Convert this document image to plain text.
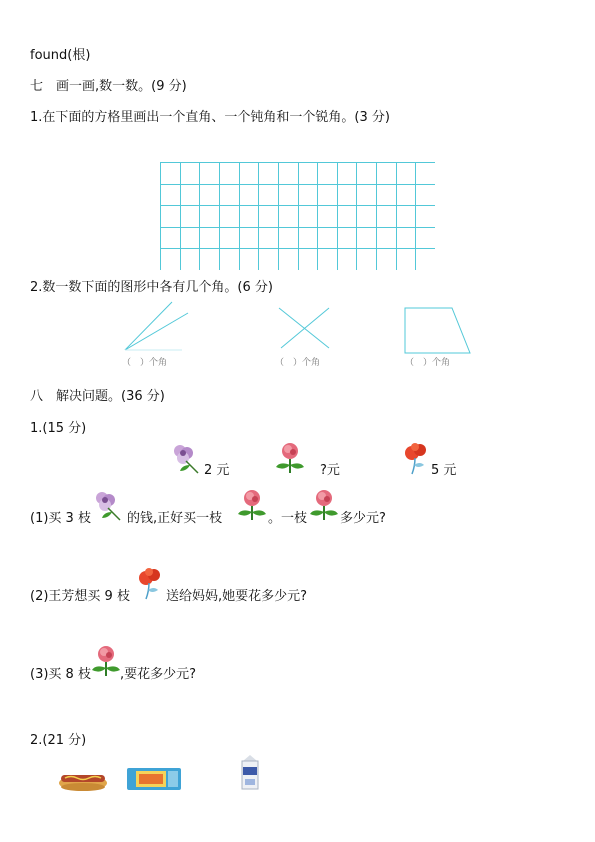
found(根)
七　画一画,数一数。(9 分)
1.在下面的方格里画出一个直角、一个钝角和一个锐角。(3 分)
2.数一数下面的图形中各有几个角。(6 分)
（　）个角	（　）个角	（　）个角
八　解决问题。(36 分)
1.(15 分)
2 元	?元	5 元
(1)买 3 枝	的钱,正好买一枝	。一枝	多少元?
(2)王芳想买 9 枝	送给妈妈,她要花多少元?
(3)买 8 枝 ,要花多少元?
2.(21 分)
